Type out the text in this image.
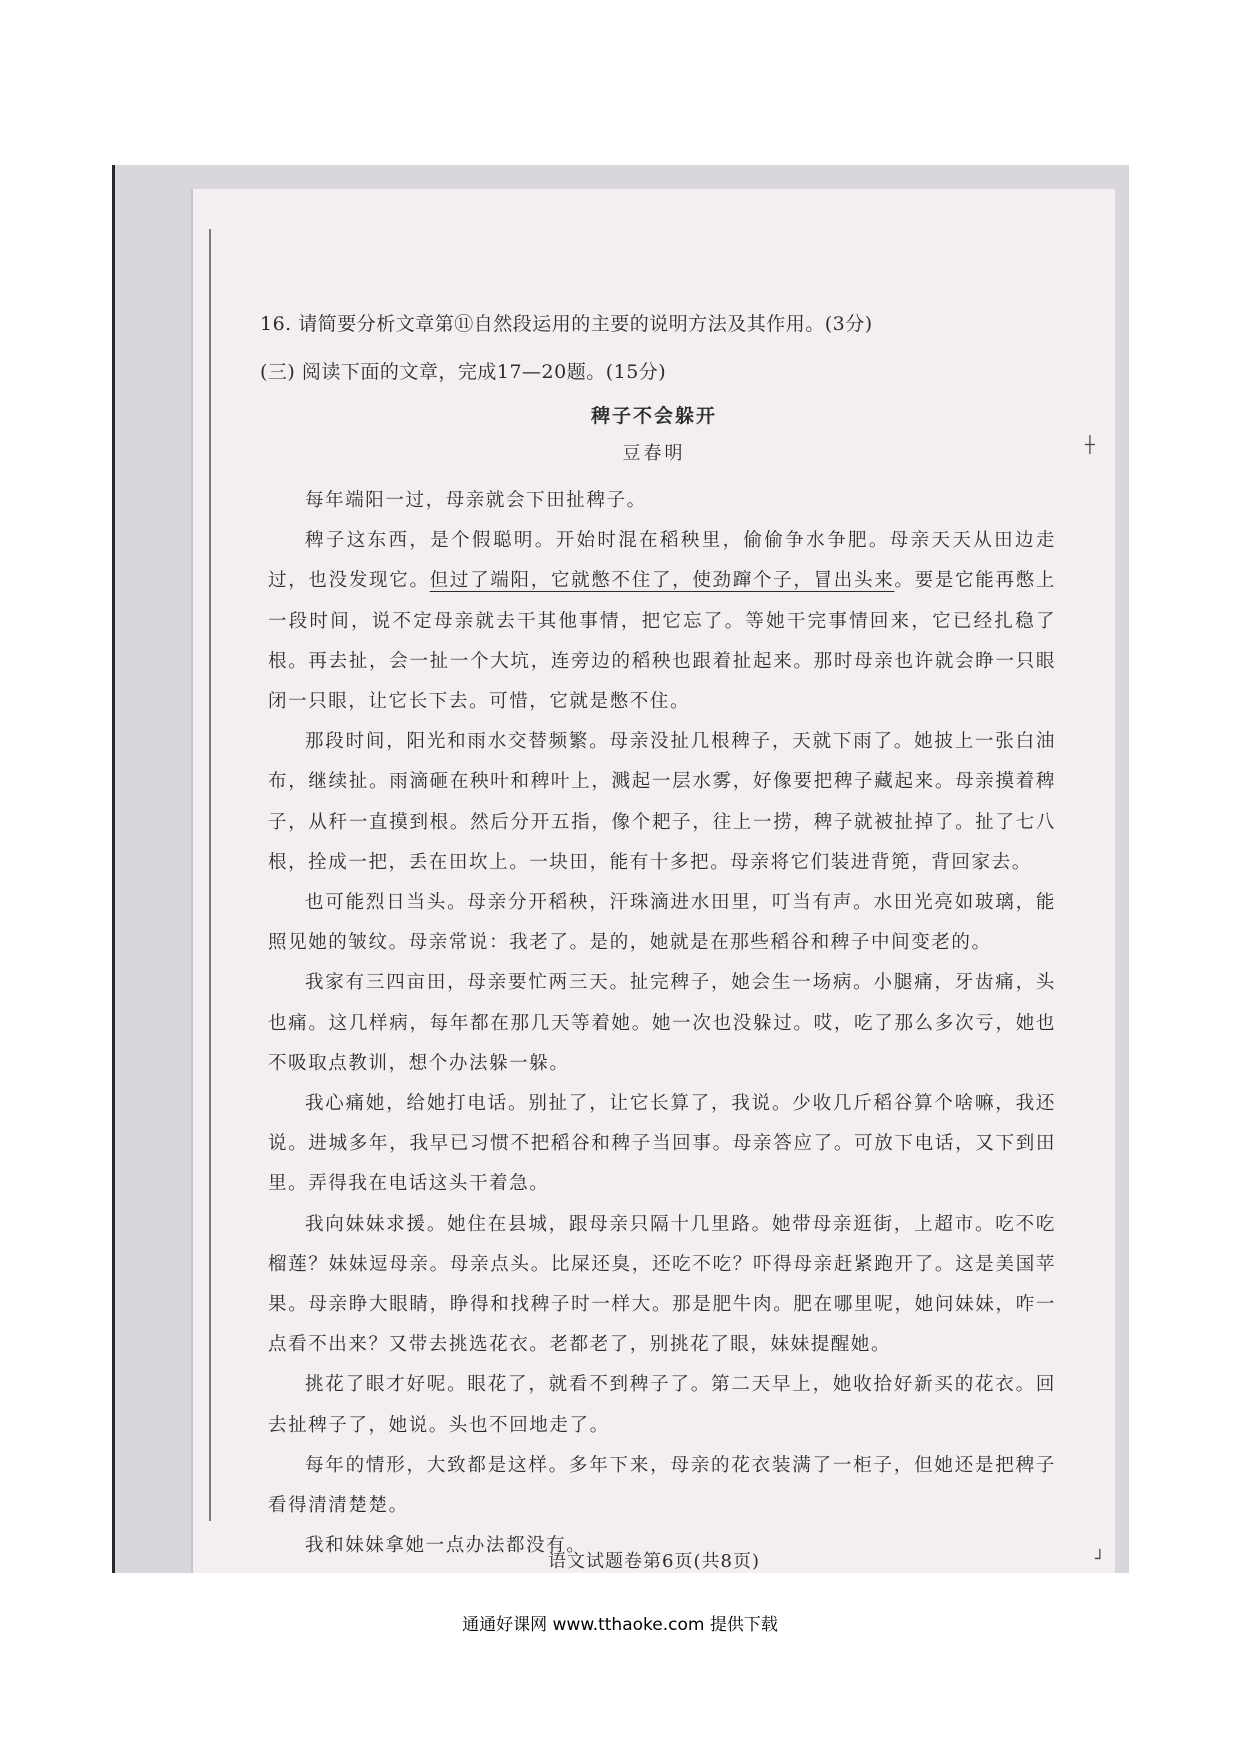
16. 请简要分析文章第⑪自然段运用的主要的说明方法及其作用。(3分)
(三) 阅读下面的文章，完成17—20题。(15分)
稗子不会躲开
豆春明

每年端阳一过，母亲就会下田扯稗子。

稗子这东西，是个假聪明。开始时混在稻秧里，偷偷争水争肥。母亲天天从田边走过，也没发现它。但过了端阳，它就憋不住了，使劲蹿个子，冒出头来。要是它能再憋上一段时间，说不定母亲就去干其他事情，把它忘了。等她干完事情回来，它已经扎稳了根。再去扯，会一扯一个大坑，连旁边的稻秧也跟着扯起来。那时母亲也许就会睁一只眼闭一只眼，让它长下去。可惜，它就是憋不住。

那段时间，阳光和雨水交替频繁。母亲没扯几根稗子，天就下雨了。她披上一张白油布，继续扯。雨滴砸在秧叶和稗叶上，溅起一层水雾，好像要把稗子藏起来。母亲摸着稗子，从秆一直摸到根。然后分开五指，像个耙子，往上一捞，稗子就被扯掉了。扯了七八根，拴成一把，丢在田坎上。一块田，能有十多把。母亲将它们装进背篼，背回家去。

也可能烈日当头。母亲分开稻秧，汗珠滴进水田里，叮当有声。水田光亮如玻璃，能照见她的皱纹。母亲常说：我老了。是的，她就是在那些稻谷和稗子中间变老的。

我家有三四亩田，母亲要忙两三天。扯完稗子，她会生一场病。小腿痛，牙齿痛，头也痛。这几样病，每年都在那几天等着她。她一次也没躲过。哎，吃了那么多次亏，她也不吸取点教训，想个办法躲一躲。

我心痛她，给她打电话。别扯了，让它长算了，我说。少收几斤稻谷算个啥嘛，我还说。进城多年，我早已习惯不把稻谷和稗子当回事。母亲答应了。可放下电话，又下到田里。弄得我在电话这头干着急。

我向妹妹求援。她住在县城，跟母亲只隔十几里路。她带母亲逛街，上超市。吃不吃榴莲？妹妹逗母亲。母亲点头。比屎还臭，还吃不吃？吓得母亲赶紧跑开了。这是美国苹果。母亲睁大眼睛，睁得和找稗子时一样大。那是肥牛肉。肥在哪里呢，她问妹妹，咋一点看不出来？又带去挑选花衣。老都老了，别挑花了眼，妹妹提醒她。

挑花了眼才好呢。眼花了，就看不到稗子了。第二天早上，她收拾好新买的花衣。回去扯稗子了，她说。头也不回地走了。

每年的情形，大致都是这样。多年下来，母亲的花衣装满了一柜子，但她还是把稗子看得清清楚楚。

我和妹妹拿她一点办法都没有。

语文试题卷第6页(共8页)
┼
┘
通通好课网 www.tthaoke.com 提供下载
